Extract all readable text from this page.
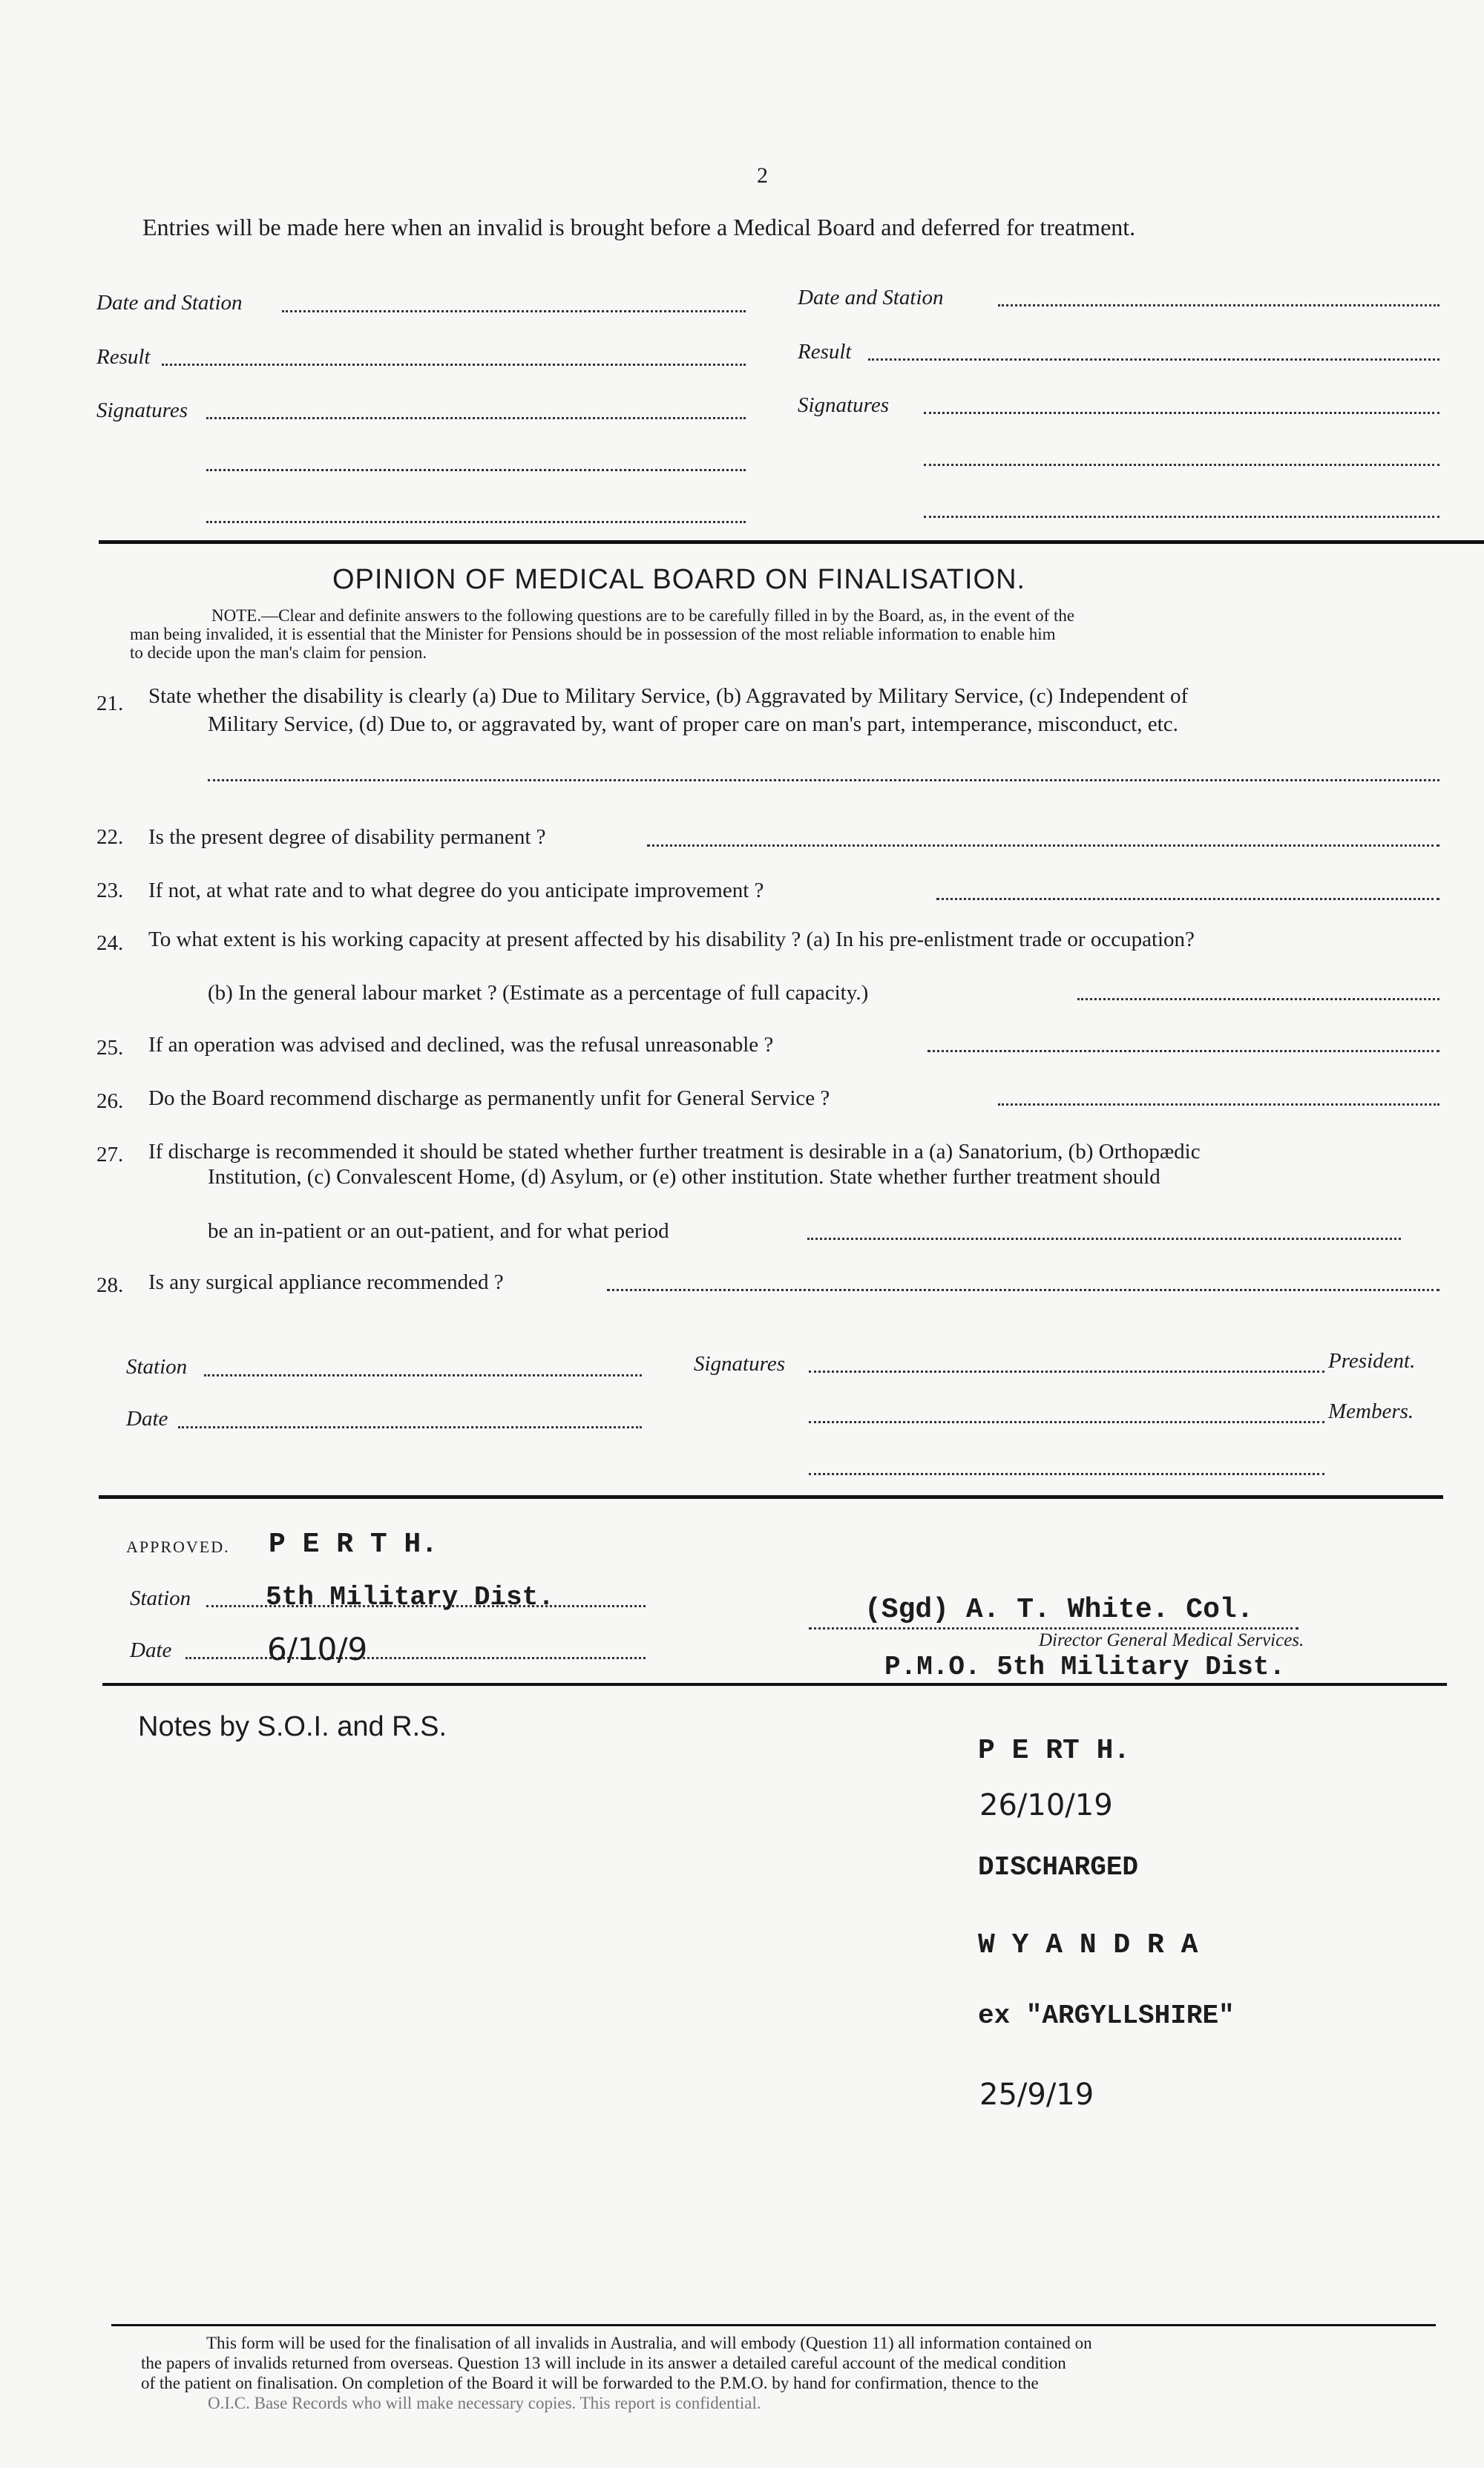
2
Entries will be made here when an invalid is brought before a Medical Board and deferred for treatment.
Date and Station
Result
Signatures
Date and Station
Result
Signatures
OPINION OF MEDICAL BOARD ON FINALISATION.
NOTE.—Clear and definite answers to the following questions are to be carefully filled in by the Board, as, in the event of the
man being invalided, it is essential that the Minister for Pensions should be in possession of the most reliable information to enable him
to decide upon the man's claim for pension.
21. State whether the disability is clearly (a) Due to Military Service, (b) Aggravated by Military Service, (c) Independent of
Military Service, (d) Due to, or aggravated by, want of proper care on man's part, intemperance, misconduct, etc.
22. Is the present degree of disability permanent ?
23. If not, at what rate and to what degree do you anticipate improvement ?
24. To what extent is his working capacity at present affected by his disability ? (a) In his pre-enlistment trade or occupation?
(b) In the general labour market ? (Estimate as a percentage of full capacity.)
25. If an operation was advised and declined, was the refusal unreasonable ?
26. Do the Board recommend discharge as permanently unfit for General Service ?
27. If discharge is recommended it should be stated whether further treatment is desirable in a (a) Sanatorium, (b) Orthopædic
Institution, (c) Convalescent Home, (d) Asylum, or (e) other institution. State whether further treatment should
be an in-patient or an out-patient, and for what period
28. Is any surgical appliance recommended ?
Station
Date
Signatures	President.
Members.
APPROVED. P E R T H.
Station	5th Military Dist.
Date	6/10/9
(Sgd) A. T. White. Col.
Director General Medical Services.
P.M.O. 5th Military Dist.
Notes by S.O.I. and R.S.
P E RT H.
26/10/19
DISCHARGED
W Y A N D R A
ex "ARGYLLSHIRE"
25/9/19
This form will be used for the finalisation of all invalids in Australia, and will embody (Question 11) all information contained on
the papers of invalids returned from overseas. Question 13 will include in its answer a detailed careful account of the medical condition
of the patient on finalisation. On completion of the Board it will be forwarded to the P.M.O. by hand for confirmation, thence to the
O.I.C. Base Records who will make necessary copies. This report is confidential.
